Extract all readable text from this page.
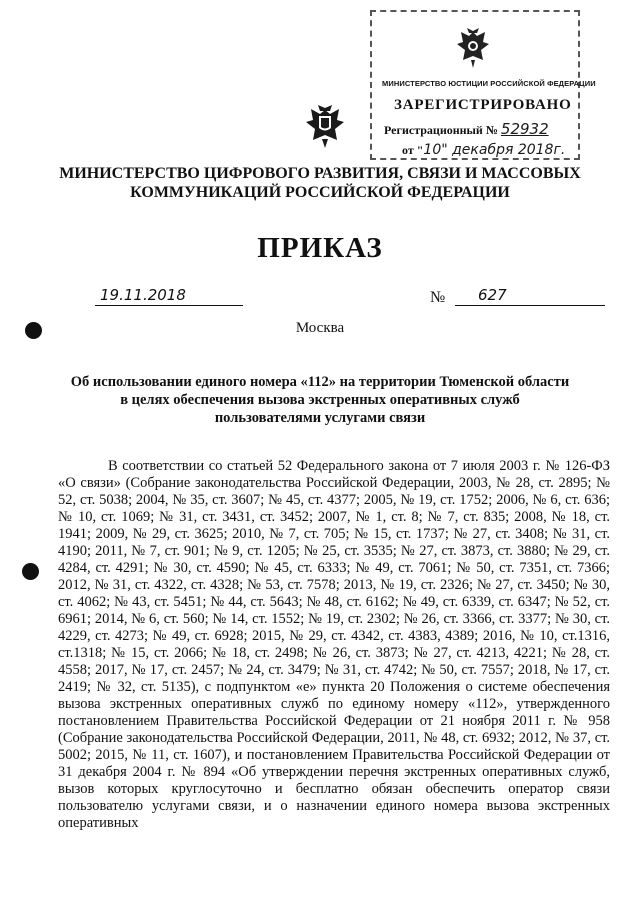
МИНИСТЕРСТВО ЮСТИЦИИ РОССИЙСКОЙ ФЕДЕРАЦИИ
ЗАРЕГИСТРИРОВАНО
Регистрационный № 52932
от "10" декабря 2018г.
МИНИСТЕРСТВО ЦИФРОВОГО РАЗВИТИЯ, СВЯЗИ И МАССОВЫХ
КОММУНИКАЦИЙ РОССИЙСКОЙ ФЕДЕРАЦИИ
ПРИКАЗ
19.11.2018	№ 627
Москва
Об использовании единого номера «112» на территории Тюменской области
в целях обеспечения вызова экстренных оперативных служб
пользователями услугами связи

В соответствии со статьей 52 Федерального закона от 7 июля 2003 г. № 126-ФЗ «О связи» (Собрание законодательства Российской Федерации, 2003, № 28, ст. 2895; № 52, ст. 5038; 2004, № 35, ст. 3607; № 45, ст. 4377; 2005, № 19, ст. 1752; 2006, № 6, ст. 636; № 10, ст. 1069; № 31, ст. 3431, ст. 3452; 2007, № 1, ст. 8; № 7, ст. 835; 2008, № 18, ст. 1941; 2009, № 29, ст. 3625; 2010, № 7, ст. 705; № 15, ст. 1737; № 27, ст. 3408; № 31, ст. 4190; 2011, № 7, ст. 901; № 9, ст. 1205; № 25, ст. 3535; № 27, ст. 3873, ст. 3880; № 29, ст. 4284, ст. 4291; № 30, ст. 4590; № 45, ст. 6333; № 49, ст. 7061; № 50, ст. 7351, ст. 7366; 2012, № 31, ст. 4322, ст. 4328; № 53, ст. 7578; 2013, № 19, ст. 2326; № 27, ст. 3450; № 30, ст. 4062; № 43, ст. 5451; № 44, ст. 5643; № 48, ст. 6162; № 49, ст. 6339, ст. 6347; № 52, ст. 6961; 2014, № 6, ст. 560; № 14, ст. 1552; № 19, ст. 2302; № 26, ст. 3366, ст. 3377; № 30, ст. 4229, ст. 4273; № 49, ст. 6928; 2015, № 29, ст. 4342, ст. 4383, 4389; 2016, № 10, ст.1316, ст.1318; № 15, ст. 2066; № 18, ст. 2498; № 26, ст. 3873; № 27, ст. 4213, 4221; № 28, ст. 4558; 2017, № 17, ст. 2457; № 24, ст. 3479; № 31, ст. 4742; № 50, ст. 7557; 2018, № 17, ст. 2419; № 32, ст. 5135), с подпунктом «е» пункта 20 Положения о системе обеспечения вызова экстренных оперативных служб по единому номеру «112», утвержденного постановлением Правительства Российской Федерации от 21 ноября 2011 г. № 958 (Собрание законодательства Российской Федерации, 2011, № 48, ст. 6932; 2012, № 37, ст. 5002; 2015, № 11, ст. 1607), и постановлением Правительства Российской Федерации от 31 декабря 2004 г. № 894 «Об утверждении перечня экстренных оперативных служб, вызов которых круглосуточно и бесплатно обязан обеспечить оператор связи пользователю услугами связи, и о назначении единого номера вызова экстренных оперативных
